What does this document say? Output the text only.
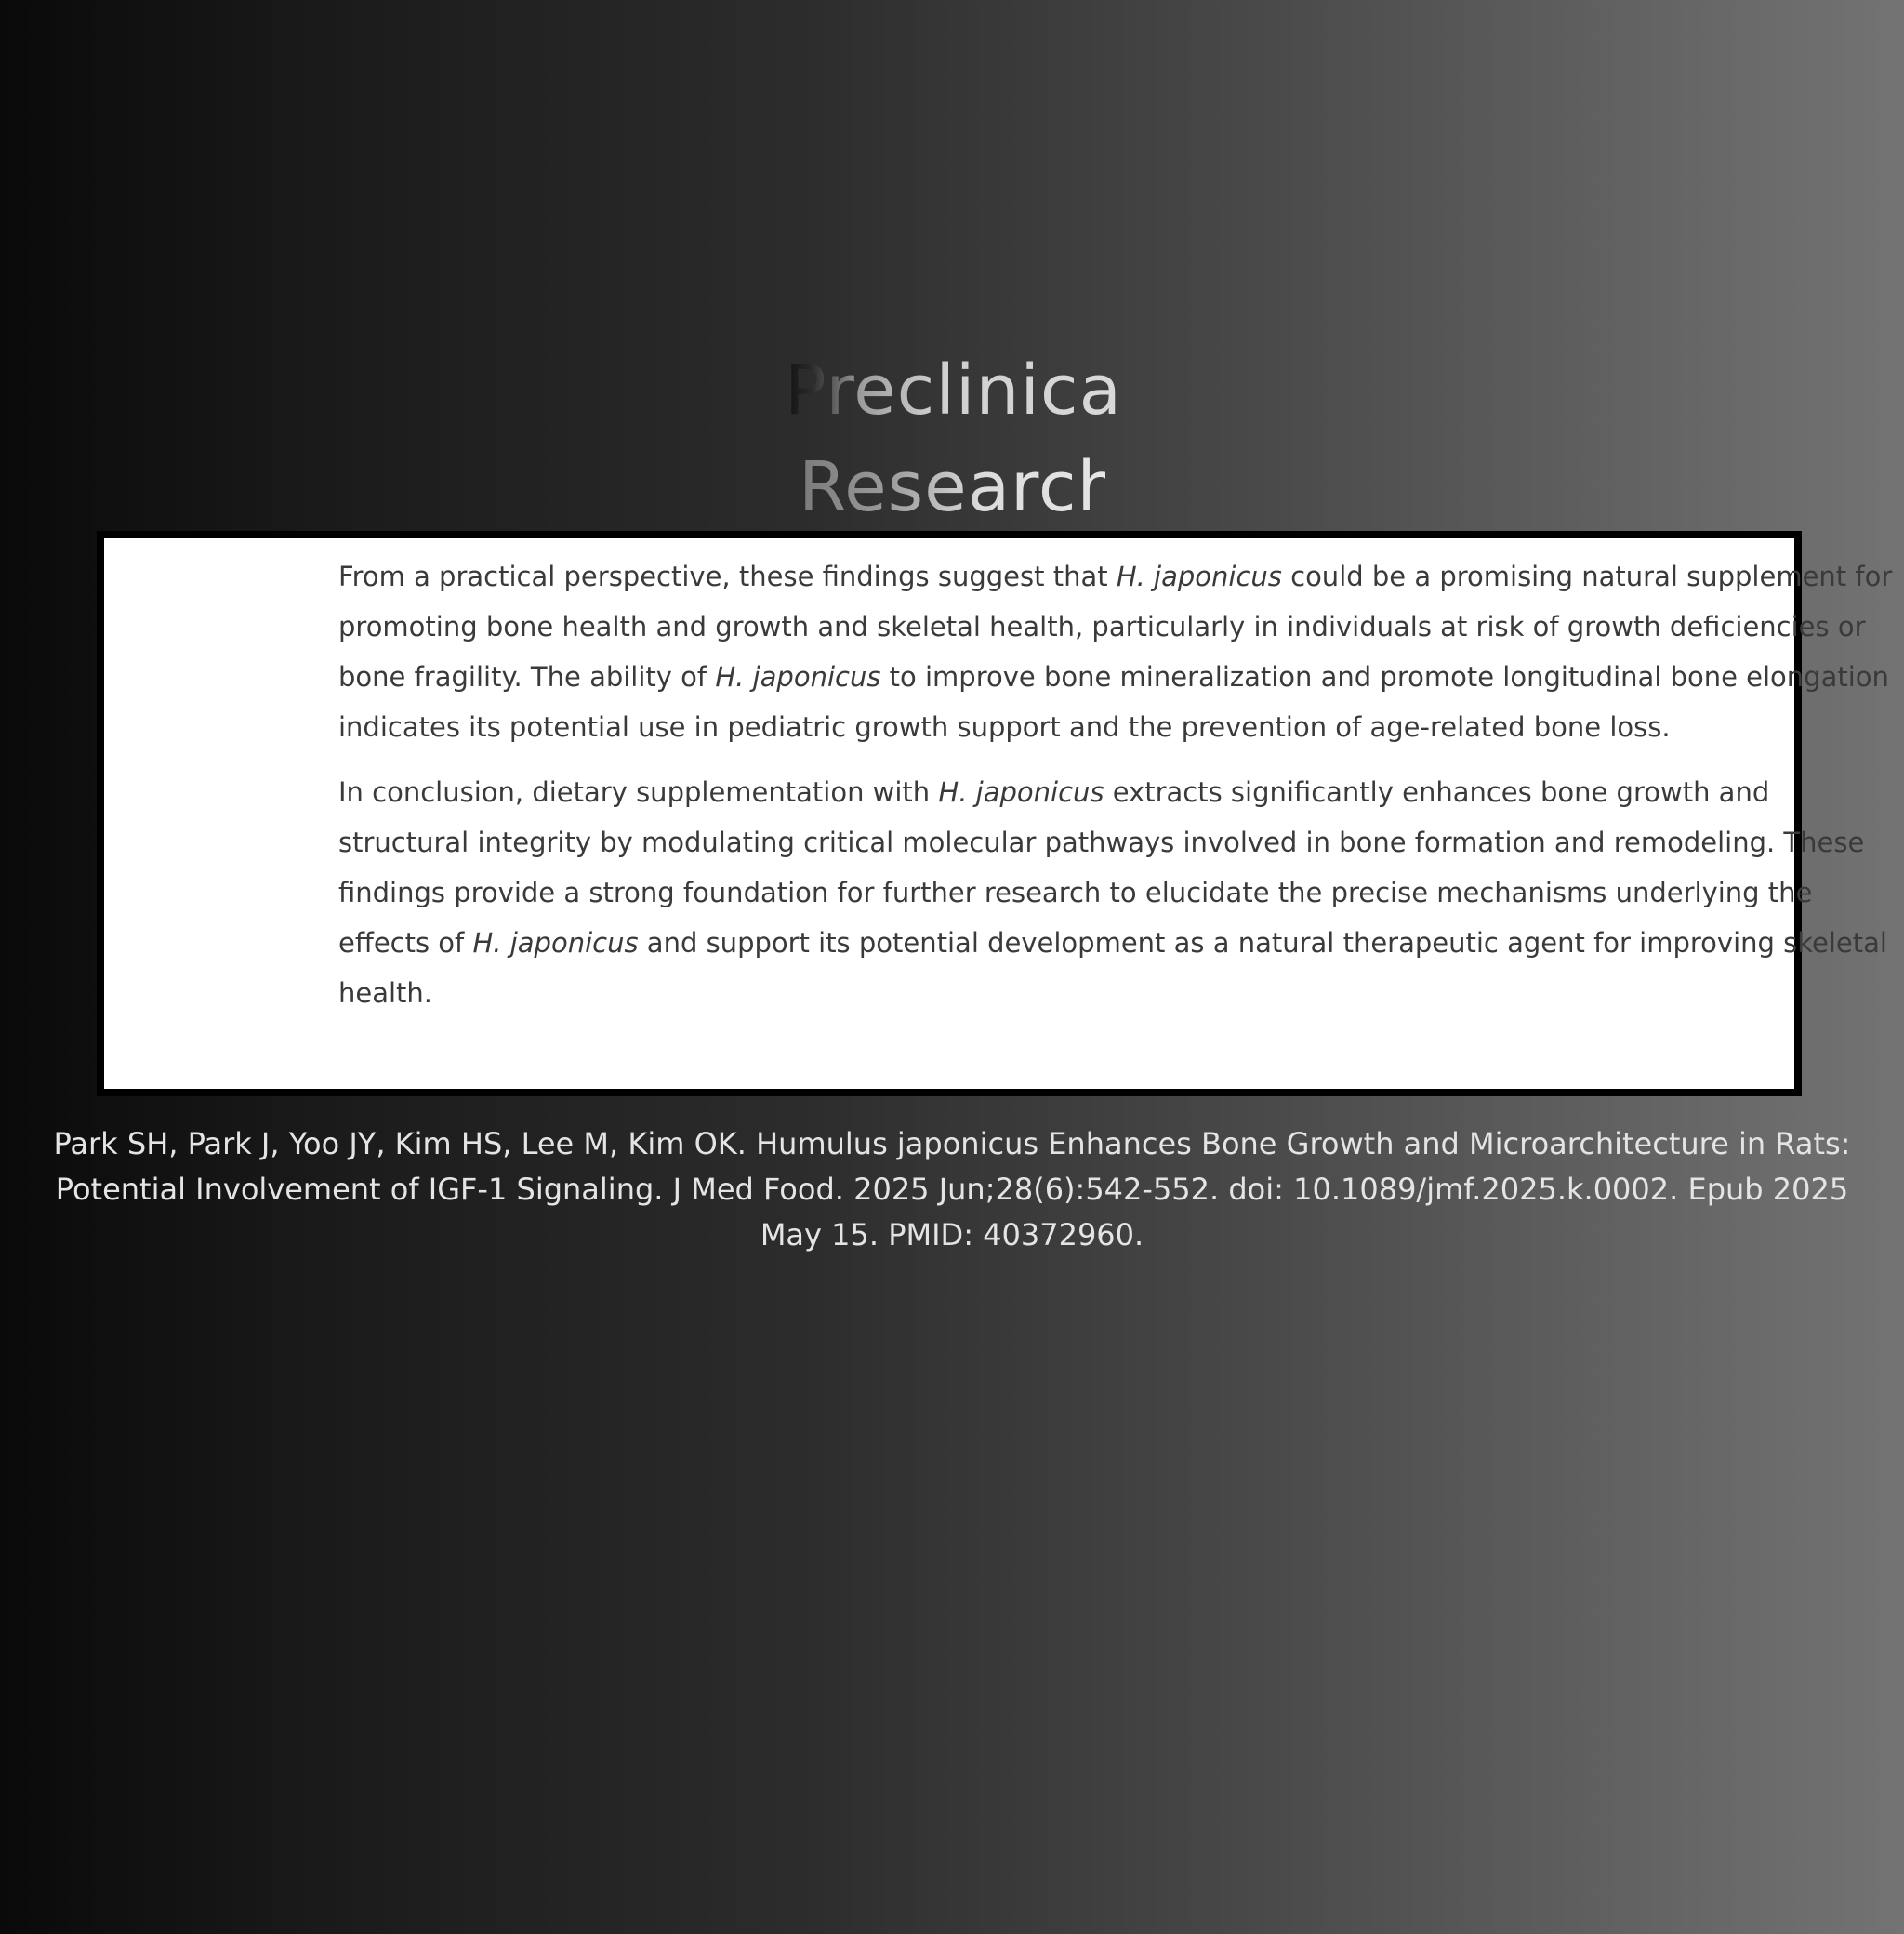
Preclinical
Research

From a practical perspective, these findings suggest that H. japonicus could be a promising natural supplement for promoting bone health and growth and skeletal health, particularly in individuals at risk of growth deficiencies or bone fragility. The ability of H. japonicus to improve bone mineralization and promote longitudinal bone elongation indicates its potential use in pediatric growth support and the prevention of age-related bone loss.

In conclusion, dietary supplementation with H. japonicus extracts significantly enhances bone growth and structural integrity by modulating critical molecular pathways involved in bone formation and remodeling. These findings provide a strong foundation for further research to elucidate the precise mechanisms underlying the effects of H. japonicus and support its potential development as a natural therapeutic agent for improving skeletal health.

Park SH, Park J, Yoo JY, Kim HS, Lee M, Kim OK. Humulus japonicus Enhances Bone Growth and Microarchitecture in Rats: Potential Involvement of IGF-1 Signaling. J Med Food. 2025 Jun;28(6):542-552. doi: 10.1089/jmf.2025.k.0002. Epub 2025 May 15. PMID: 40372960.
